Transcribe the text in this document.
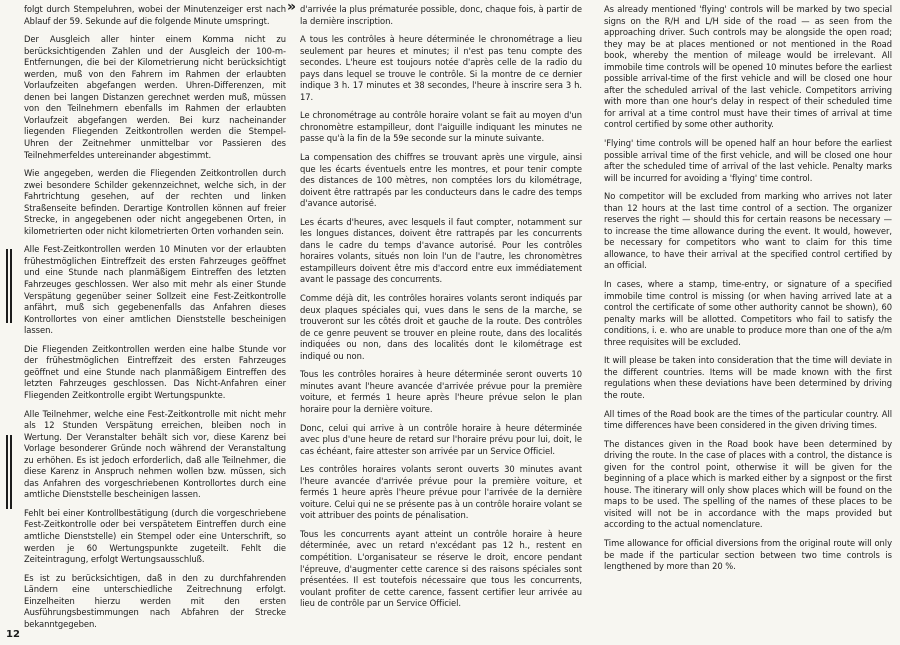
»

folgt durch Stempeluhren, wobei der Minutenzeiger erst nach Ablauf der 59. Sekunde auf die folgende Minute umspringt.

Der Ausgleich aller hinter einem Komma nicht zu berücksichtigenden Zahlen und der Ausgleich der 100-m-Entfernungen, die bei der Kilometrierung nicht berücksichtigt werden, muß von den Fahrern im Rahmen der erlaubten Vorlaufzeiten abgefangen werden. Uhren-Differenzen, mit denen bei langen Distanzen gerechnet werden muß, müssen von den Teilnehmern ebenfalls im Rahmen der erlaubten Vorlaufzeit abgefangen werden. Bei kurz nacheinander liegenden Fliegenden Zeitkontrollen werden die Stempel-Uhren der Zeitnehmer unmittelbar vor Passieren des Teilnehmerfeldes untereinander abgestimmt.

Wie angegeben, werden die Fliegenden Zeitkontrollen durch zwei besondere Schilder gekennzeichnet, welche sich, in der Fahrtrichtung gesehen, auf der rechten und linken Straßenseite befinden. Derartige Kontrollen können auf freier Strecke, in angegebenen oder nicht angegebenen Orten, in kilometrierten oder nicht kilometrierten Orten vorhanden sein.

Alle Fest-Zeitkontrollen werden 10 Minuten vor der erlaubten frühestmöglichen Eintreffzeit des ersten Fahrzeuges geöffnet und eine Stunde nach planmäßigem Eintreffen des letzten Fahrzeuges geschlossen. Wer also mit mehr als einer Stunde Verspätung gegenüber seiner Sollzeit eine Fest-Zeitkontrolle anfährt, muß sich gegebenenfalls das Anfahren dieses Kontrollortes von einer amtlichen Dienststelle bescheinigen lassen.

Die Fliegenden Zeitkontrollen werden eine halbe Stunde vor der frühestmöglichen Eintreffzeit des ersten Fahrzeuges geöffnet und eine Stunde nach planmäßigem Eintreffen des letzten Fahrzeuges geschlossen. Das Nicht-Anfahren einer Fliegenden Zeitkontrolle ergibt Wertungspunkte.

Alle Teilnehmer, welche eine Fest-Zeitkontrolle mit nicht mehr als 12 Stunden Verspätung erreichen, bleiben noch in Wertung. Der Veranstalter behält sich vor, diese Karenz bei Vorlage besonderer Gründe noch während der Veranstaltung zu erhöhen. Es ist jedoch erforderlich, daß alle Teilnehmer, die diese Karenz in Anspruch nehmen wollen bzw. müssen, sich das Anfahren des vorgeschriebenen Kontrollortes durch eine amtliche Dienststelle bescheinigen lassen.

Fehlt bei einer Kontrollbestätigung (durch die vorgeschriebene Fest-Zeitkontrolle oder bei verspätetem Eintreffen durch eine amtliche Dienststelle) ein Stempel oder eine Unterschrift, so werden je 60 Wertungspunkte zugeteilt. Fehlt die Zeiteintragung, erfolgt Wertungsausschluß.

Es ist zu berücksichtigen, daß in den zu durchfahrenden Ländern eine unterschiedliche Zeitrechnung erfolgt. Einzelheiten hierzu werden mit den ersten Ausführungsbestimmungen nach Abfahren der Strecke bekanntgegeben.

d'arrivée la plus prématurée possible, donc, chaque fois, à partir de la dernière inscription.

A tous les contrôles à heure déterminée le chronométrage a lieu seulement par heures et minutes; il n'est pas tenu compte des secondes. L'heure est toujours notée d'après celle de la radio du pays dans lequel se trouve le contrôle. Si la montre de ce dernier indique 3 h. 17 minutes et 38 secondes, l'heure à inscrire sera 3 h. 17.

Le chronométrage au contrôle horaire volant se fait au moyen d'un chronomètre estampilleur, dont l'aiguille indiquant les minutes ne passe qu'à la fin de la 59e seconde sur la minute suivante.

La compensation des chiffres se trouvant après une virgule, ainsi que les écarts éventuels entre les montres, et pour tenir compte des distances de 100 mètres, non comptées lors du kilométrage, doivent être rattrapés par les conducteurs dans le cadre des temps d'avance autorisé.

Les écarts d'heures, avec lesquels il faut compter, notamment sur les longues distances, doivent être rattrapés par les concurrents dans le cadre du temps d'avance autorisé. Pour les contrôles horaires volants, situés non loin l'un de l'autre, les chronomètres estampilleurs doivent être mis d'accord entre eux immédiatement avant le passage des concurrents.

Comme déjà dit, les contrôles horaires volants seront indiqués par deux plaques spéciales qui, vues dans le sens de la marche, se trouveront sur les côtés droit et gauche de la route. Des contrôles de ce genre peuvent se trouver en pleine route, dans des localités indiquées ou non, dans des localités dont le kilométrage est indiqué ou non.

Tous les contrôles horaires à heure déterminée seront ouverts 10 minutes avant l'heure avancée d'arrivée prévue pour la première voiture, et fermés 1 heure après l'heure prévue selon le plan horaire pour la dernière voiture.

Donc, celui qui arrive à un contrôle horaire à heure déterminée avec plus d'une heure de retard sur l'horaire prévu pour lui, doit, le cas échéant, faire attester son arrivée par un Service Officiel.

Les contrôles horaires volants seront ouverts 30 minutes avant l'heure avancée d'arrivée prévue pour la première voiture, et fermés 1 heure après l'heure prévue pour l'arrivée de la dernière voiture. Celui qui ne se présente pas à un contrôle horaire volant se voit attribuer des points de pénalisation.

Tous les concurrents ayant atteint un contrôle horaire à heure déterminée, avec un retard n'excédant pas 12 h., restent en compétition. L'organisateur se réserve le droit, encore pendant l'épreuve, d'augmenter cette carence si des raisons spéciales sont présentées. Il est toutefois nécessaire que tous les concurrents, voulant profiter de cette carence, fassent certifier leur arrivée au lieu de contrôle par un Service Officiel.

As already mentioned 'flying' controls will be marked by two special signs on the R/H and L/H side of the road — as seen from the approaching driver. Such controls may be alongside the open road; they may be at places mentioned or not mentioned in the Road book, whereby the mention of mileage would be irrelevant. All immobile time controls will be opened 10 minutes before the earliest possible arrival-time of the first vehicle and will be closed one hour after the scheduled arrival of the last vehicle. Competitors arriving with more than one hour's delay in respect of their scheduled time for arrival at a time control must have their times of arrival at time control certified by some other authority.

'Flying' time controls will be opened half an hour before the earliest possible arrival time of the first vehicle, and will be closed one hour after the scheduled time of arrival of the last vehicle. Penalty marks will be incurred for avoiding a 'flying' time control.

No competitor will be excluded from marking who arrives not later than 12 hours at the last time control of a section. The organizer reserves the right — should this for certain reasons be necessary — to increase the time allowance during the event. It would, however, be necessary for competitors who want to claim for this time allowance, to have their arrival at the specified control certified by an official.

In cases, where a stamp, time-entry, or signature of a specified immobile time control is missing (or when having arrived late at a control the certificate of some other authority cannot be shown), 60 penalty marks will be allotted. Competitors who fail to satisfy the conditions, i. e. who are unable to produce more than one of the a/m three requisites will be excluded.

It will please be taken into consideration that the time will deviate in the different countries. Items will be made known with the first regulations when these deviations have been determined by driving the route.

All times of the Road book are the times of the particular country. All time differences have been considered in the given driving times.

The distances given in the Road book have been determined by driving the route. In the case of places with a control, the distance is given for the control point, otherwise it will be given for the beginning of a place which is marked either by a signpost or the first house. The itinerary will only show places which will be found on the maps to be used. The spelling of the names of these places to be visited will not be in accordance with the maps provided but according to the actual nomenclature.

Time allowance for official diversions from the original route will only be made if the particular section between two time controls is lengthened by more than 20 %.

12
